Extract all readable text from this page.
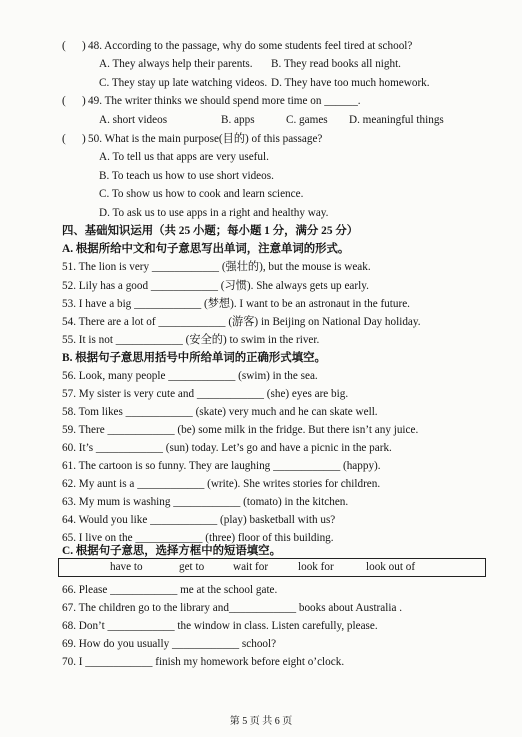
( ) 48. According to the passage, why do some students feel tired at school?
A. They always help their parents. B. They read books all night.
C. They stay up late watching videos. D. They have too much homework.
( ) 49. The writer thinks we should spend more time on ______.
A. short videos	B. apps	C. games D. meaningful things
( ) 50. What is the main purpose(目的) of this passage?
A. To tell us that apps are very useful.
B. To teach us how to use short videos.
C. To show us how to cook and learn science.
D. To ask us to use apps in a right and healthy way.
四、基础知识运用（共 25 小题；每小题 1 分，满分 25 分）
A. 根据所给中文和句子意思写出单词，注意单词的形式。
51. The lion is very ____________ (强壮的), but the mouse is weak.
52. Lily has a good ____________ (习惯). She always gets up early.
53. I have a big ____________ (梦想). I want to be an astronaut in the future.
54. There are a lot of ____________ (游客) in Beijing on National Day holiday.
55. It is not ____________ (安全的) to swim in the river.
B. 根据句子意思用括号中所给单词的正确形式填空。
56. Look, many people ____________ (swim) in the sea.
57. My sister is very cute and ____________ (she) eyes are big.
58. Tom likes ____________ (skate) very much and he can skate well.
59. There ____________ (be) some milk in the fridge. But there isn’t any juice.
60. It’s ____________ (sun) today. Let’s go and have a picnic in the park.
61. The cartoon is so funny. They are laughing ____________ (happy).
62. My aunt is a ____________ (write). She writes stories for children.
63. My mum is washing ____________ (tomato) in the kitchen.
64. Would you like ____________ (play) basketball with us?
65. I live on the ____________ (three) floor of this building.
C. 根据句子意思，选择方框中的短语填空。
have to	get to	wait for	look for	look out of
66. Please ____________ me at the school gate.
67. The children go to the library and____________ books about Australia .
68. Don’t ____________ the window in class. Listen carefully, please.
69. How do you usually ____________ school?
70. I ____________ finish my homework before eight o’clock.
第 5 页 共 6 页
